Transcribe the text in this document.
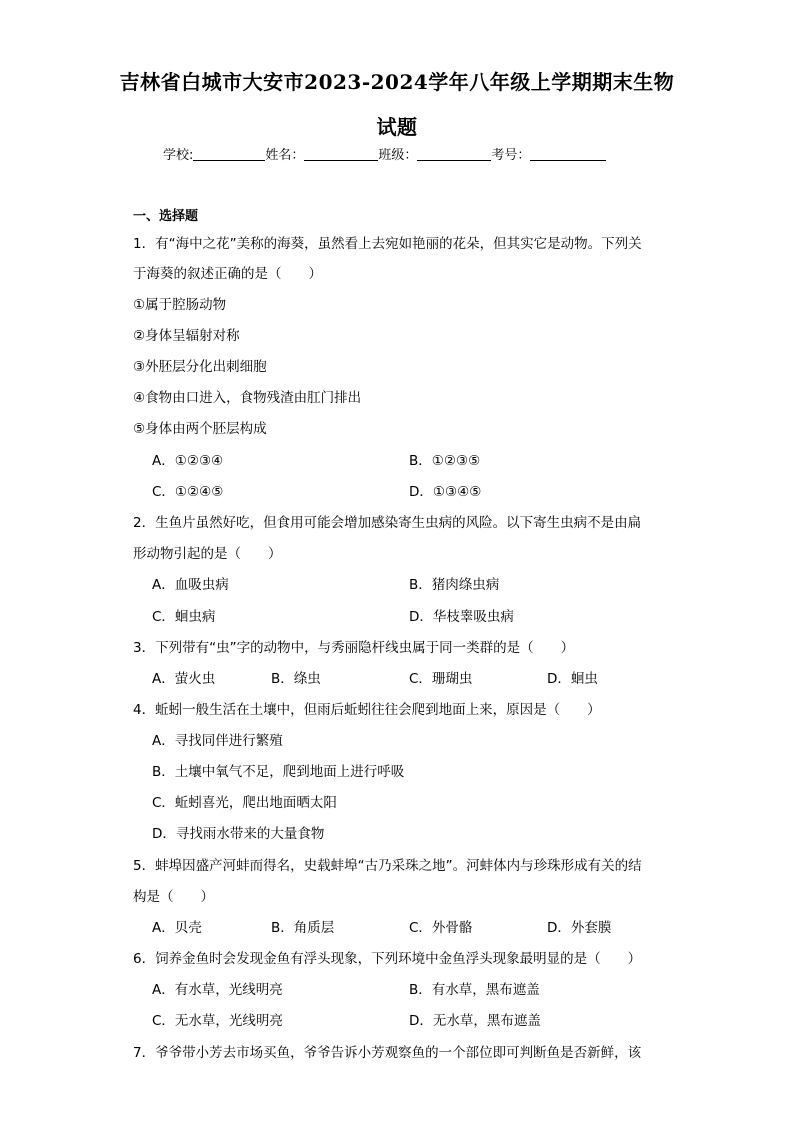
吉林省白城市大安市2023-2024学年八年级上学期期末生物
试题
学校:	姓名：	班级：	考号：
一、选择题
1．有“海中之花”美称的海葵，虽然看上去宛如艳丽的花朵，但其实它是动物。下列关
于海葵的叙述正确的是（　　）
①属于腔肠动物
②身体呈辐射对称
③外胚层分化出刺细胞
④食物由口进入，食物残渣由肛门排出
⑤身体由两个胚层构成
A．①②③④	B．①②③⑤
C．①②④⑤	D．①③④⑤
2．生鱼片虽然好吃，但食用可能会增加感染寄生虫病的风险。以下寄生虫病不是由扁
形动物引起的是（　　）
A．血吸虫病	B．猪肉绦虫病
C．蛔虫病	D．华枝睾吸虫病
3．下列带有“虫”字的动物中，与秀丽隐杆线虫属于同一类群的是（　　）
A．萤火虫	B．绦虫	C．珊瑚虫	D．蛔虫
4．蚯蚓一般生活在土壤中，但雨后蚯蚓往往会爬到地面上来，原因是（　　）
A．寻找同伴进行繁殖
B．土壤中氧气不足，爬到地面上进行呼吸
C．蚯蚓喜光，爬出地面晒太阳
D．寻找雨水带来的大量食物
5．蚌埠因盛产河蚌而得名，史载蚌埠“古乃采珠之地”。河蚌体内与珍珠形成有关的结
构是（　　）
A．贝壳	B．角质层	C．外骨骼	D．外套膜
6．饲养金鱼时会发现金鱼有浮头现象，下列环境中金鱼浮头现象最明显的是（　　）
A．有水草，光线明亮	B．有水草，黑布遮盖
C．无水草，光线明亮	D．无水草，黑布遮盖
7．爷爷带小芳去市场买鱼，爷爷告诉小芳观察鱼的一个部位即可判断鱼是否新鲜，该
